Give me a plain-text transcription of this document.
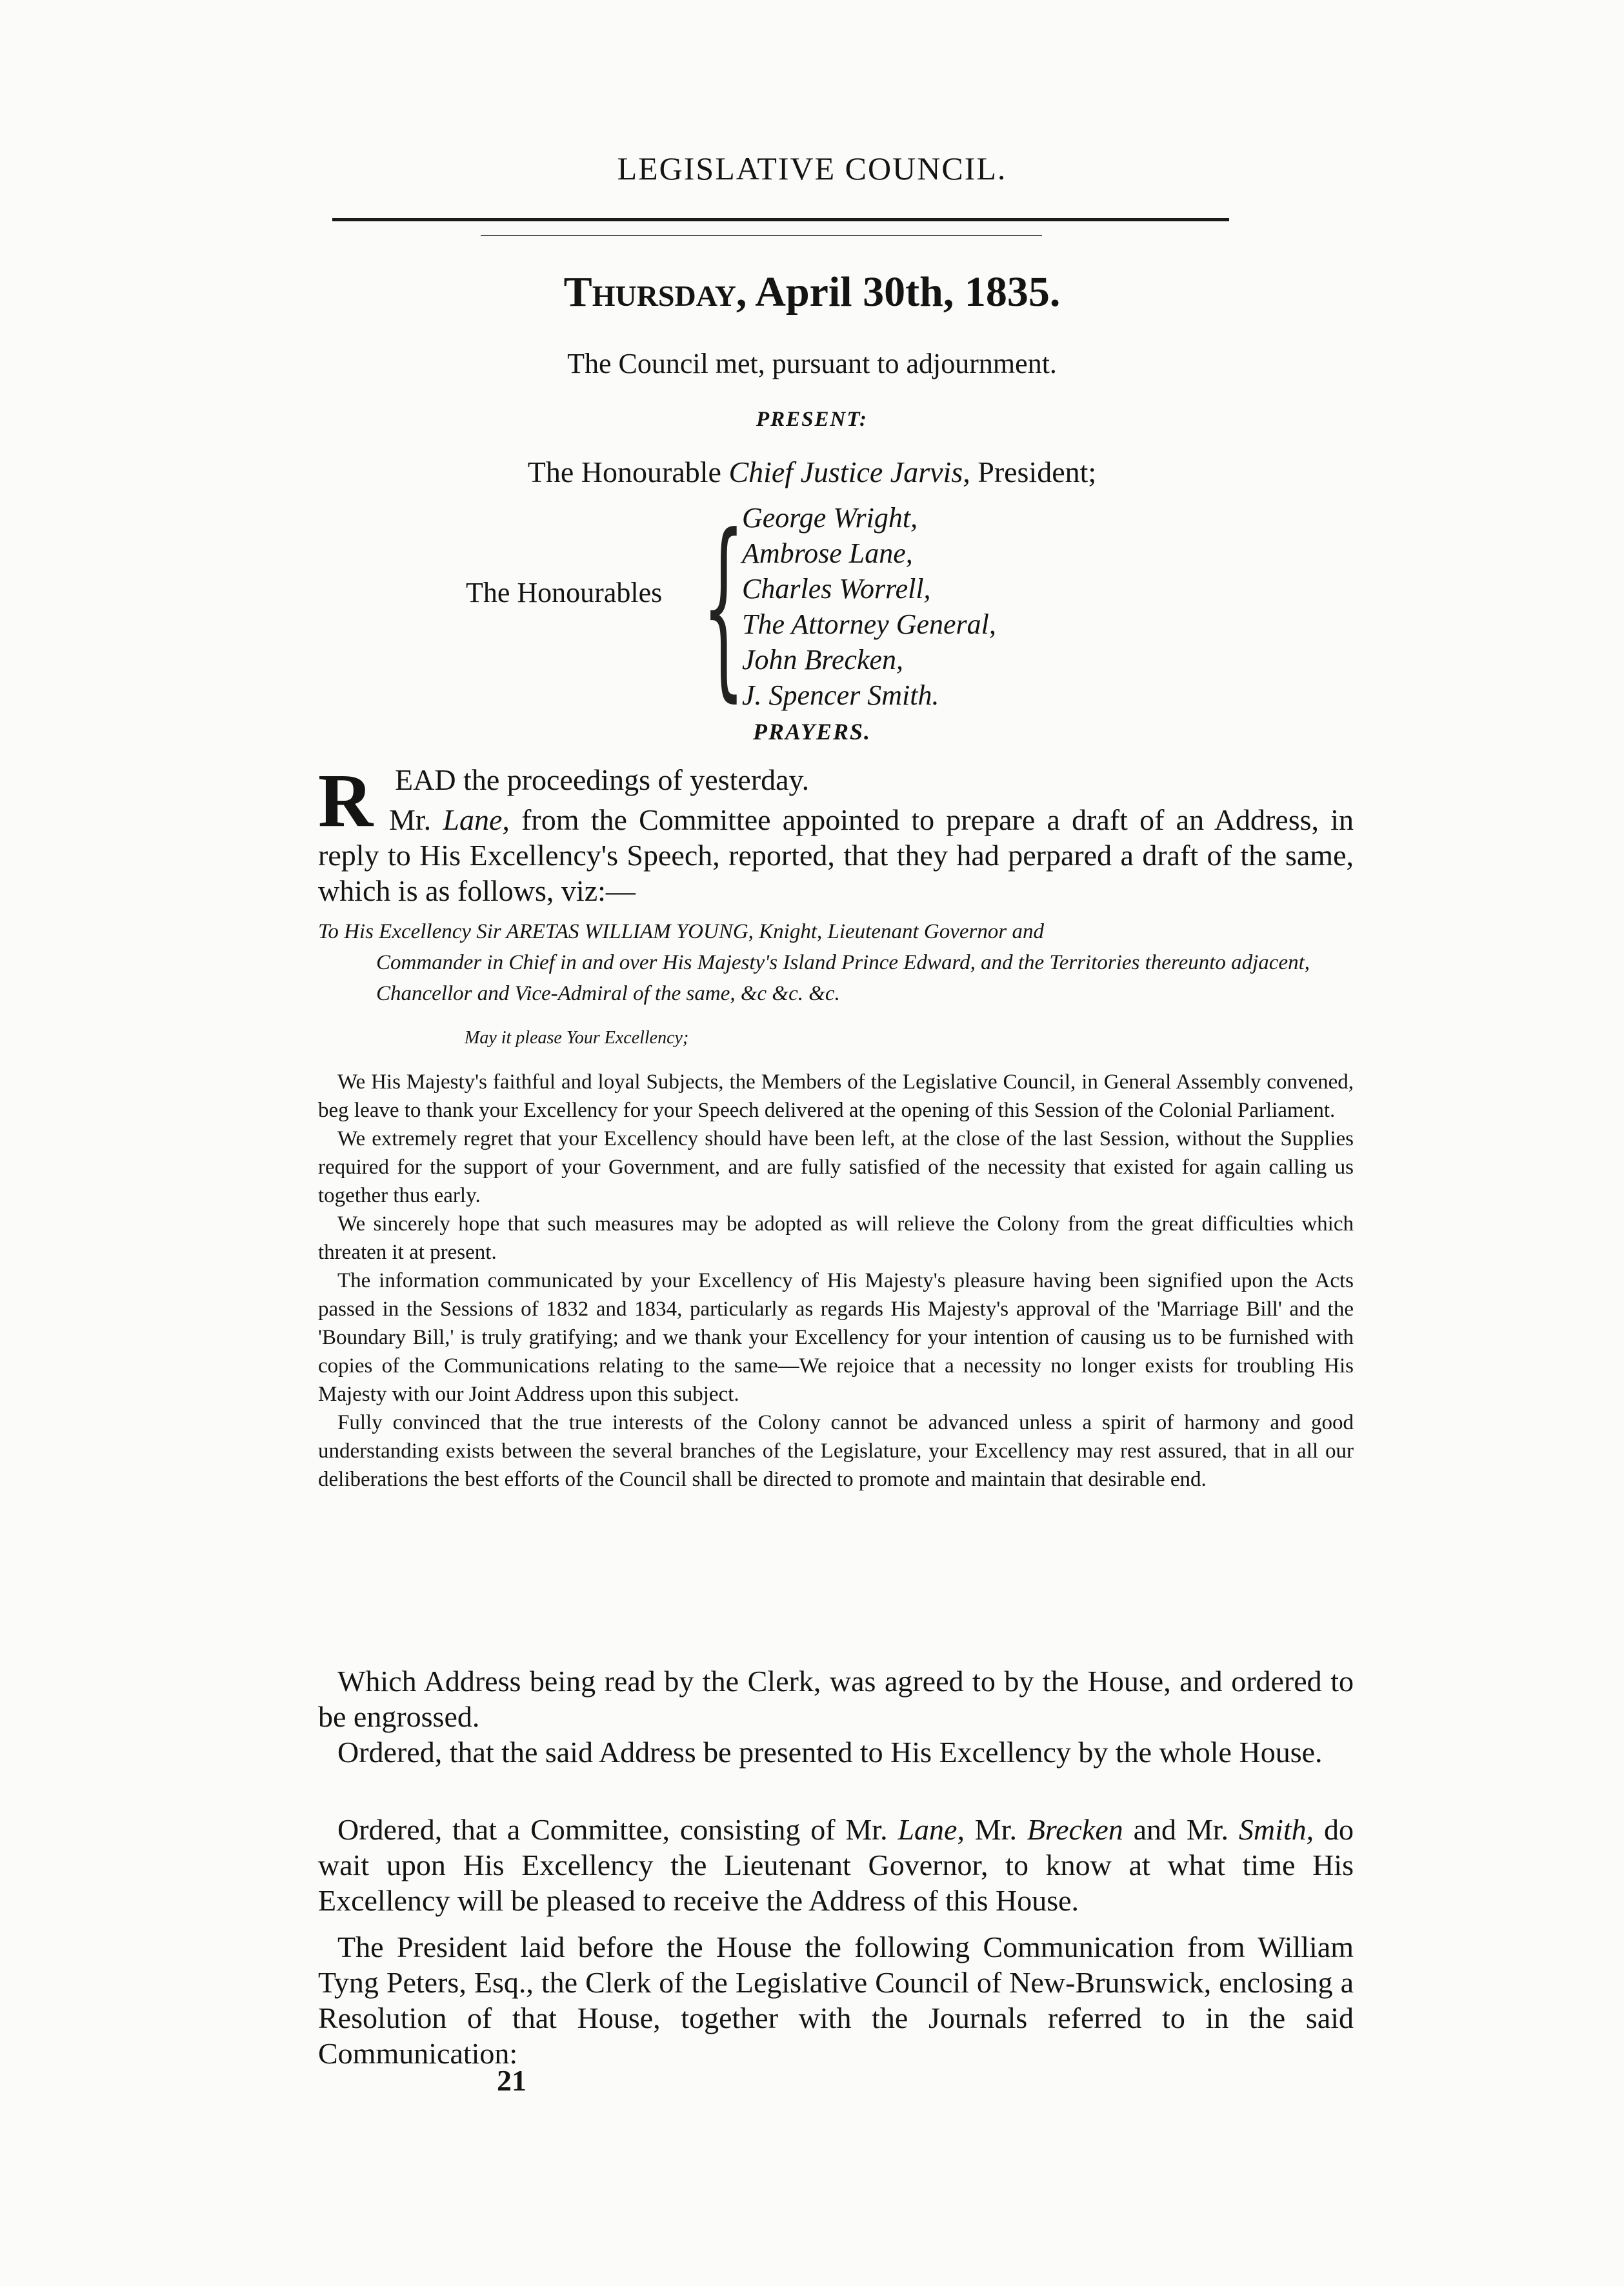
LEGISLATIVE COUNCIL.
Thursday, April 30th, 1835.
The Council met, pursuant to adjournment.
PRESENT:
The Honourable Chief Justice Jarvis, President;
The Honourables {
George Wright,
Ambrose Lane,
Charles Worrell,
The Attorney General,
John Brecken,
J. Spencer Smith.
PRAYERS.
R EAD the proceedings of yesterday.
Mr. Lane, from the Committee appointed to prepare a draft of an Address, in reply to His Excellency's Speech, reported, that they had perpared a draft of the same, which is as follows, viz:—
To His Excellency Sir ARETAS WILLIAM YOUNG, Knight, Lieutenant Governor and
Commander in Chief in and over His Majesty's Island Prince Edward, and the Territories thereunto adjacent, Chancellor and Vice-Admiral of the same, &c &c. &c.
May it please Your Excellency;

We His Majesty's faithful and loyal Subjects, the Members of the Legislative Council, in General Assembly convened, beg leave to thank your Excellency for your Speech delivered at the opening of this Session of the Colonial Parliament.

We extremely regret that your Excellency should have been left, at the close of the last Session, without the Supplies required for the support of your Government, and are fully satisfied of the necessity that existed for again calling us together thus early.

We sincerely hope that such measures may be adopted as will relieve the Colony from the great difficulties which threaten it at present.

The information communicated by your Excellency of His Majesty's pleasure having been signified upon the Acts passed in the Sessions of 1832 and 1834, particularly as regards His Majesty's approval of the 'Marriage Bill' and the 'Boundary Bill,' is truly gratifying; and we thank your Excellency for your intention of causing us to be furnished with copies of the Communications relating to the same—We rejoice that a necessity no longer exists for troubling His Majesty with our Joint Address upon this subject.

Fully convinced that the true interests of the Colony cannot be advanced unless a spirit of harmony and good understanding exists between the several branches of the Legislature, your Excellency may rest assured, that in all our deliberations the best efforts of the Council shall be directed to promote and maintain that desirable end.

Which Address being read by the Clerk, was agreed to by the House, and ordered to be engrossed.

Ordered, that the said Address be presented to His Excellency by the whole House.

Ordered, that a Committee, consisting of Mr. Lane, Mr. Brecken and Mr. Smith, do wait upon His Excellency the Lieutenant Governor, to know at what time His Excellency will be pleased to receive the Address of this House.

The President laid before the House the following Communication from William Tyng Peters, Esq., the Clerk of the Legislative Council of New-Brunswick, enclosing a Resolution of that House, together with the Journals referred to in the said Communication:

21
